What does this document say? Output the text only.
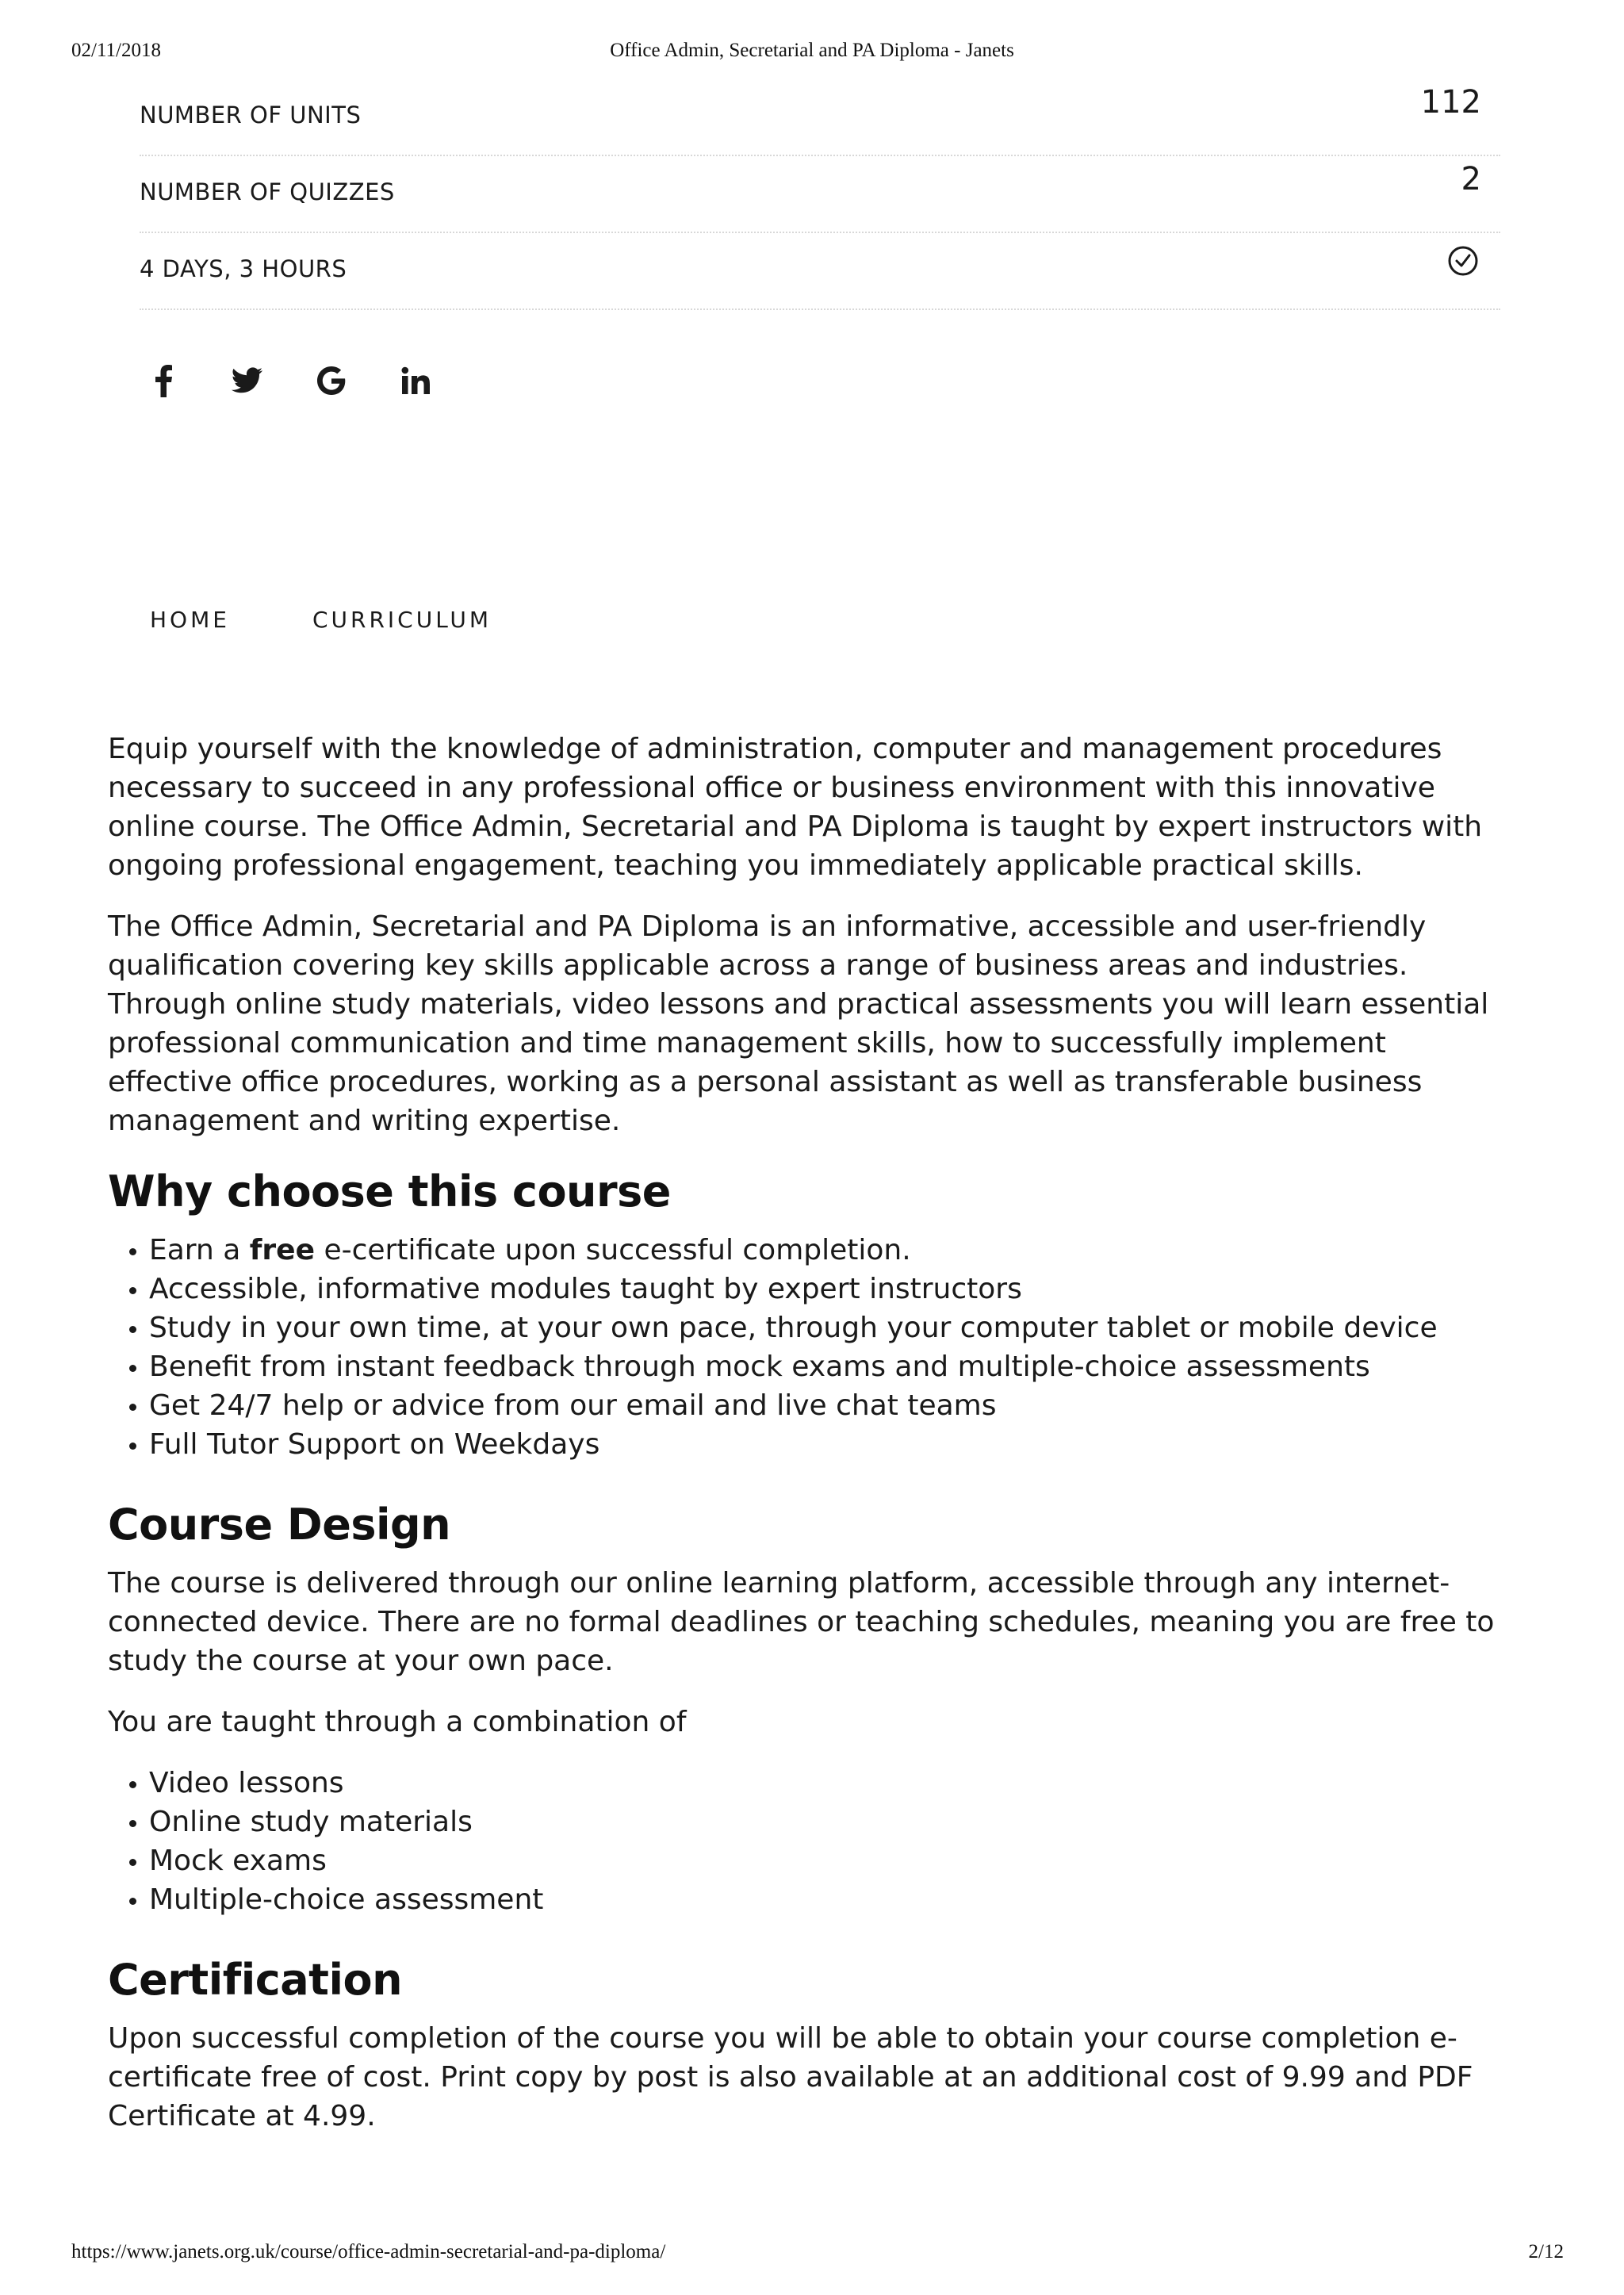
02/11/2018	Office Admin, Secretarial and PA Diploma - Janets
NUMBER OF UNITS	112
NUMBER OF QUIZZES	2
4 DAYS, 3 HOURS
HOME	CURRICULUM

Equip yourself with the knowledge of administration, computer and management procedures necessary to succeed in any professional office or business environment with this innovative online course. The Office Admin, Secretarial and PA Diploma is taught by expert instructors with ongoing professional engagement, teaching you immediately applicable practical skills.

The Office Admin, Secretarial and PA Diploma is an informative, accessible and user-friendly qualification covering key skills applicable across a range of business areas and industries. Through online study materials, video lessons and practical assessments you will learn essential professional communication and time management skills, how to successfully implement effective office procedures, working as a personal assistant as well as transferable business management and writing expertise.

Why choose this course
• Earn a free e-certificate upon successful completion.
• Accessible, informative modules taught by expert instructors
• Study in your own time, at your own pace, through your computer tablet or mobile device
• Benefit from instant feedback through mock exams and multiple-choice assessments
• Get 24/7 help or advice from our email and live chat teams
• Full Tutor Support on Weekdays
Course Design

The course is delivered through our online learning platform, accessible through any internet-connected device. There are no formal deadlines or teaching schedules, meaning you are free to study the course at your own pace.

You are taught through a combination of

• Video lessons
• Online study materials
• Mock exams
• Multiple-choice assessment
Certification

Upon successful completion of the course you will be able to obtain your course completion e-certificate free of cost. Print copy by post is also available at an additional cost of 9.99 and PDF Certificate at 4.99.

https://www.janets.org.uk/course/office-admin-secretarial-and-pa-diploma/	2/12
